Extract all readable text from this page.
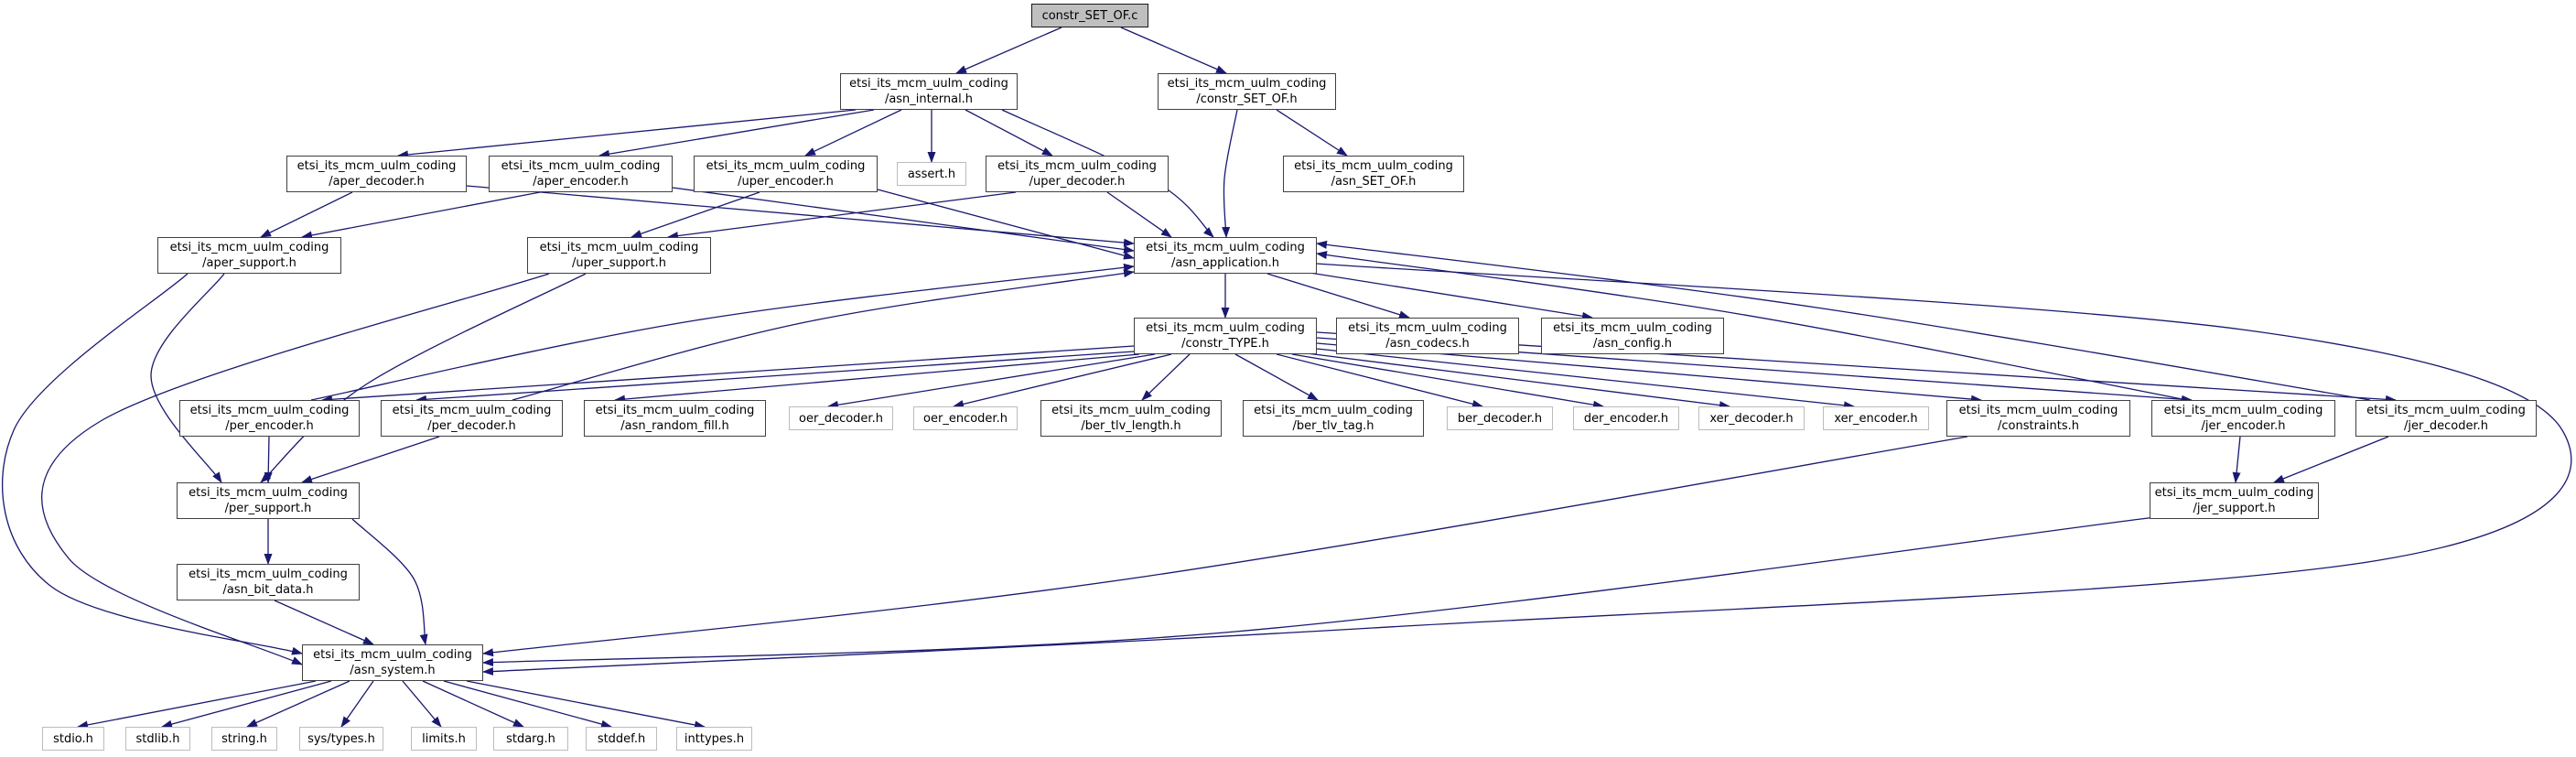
constr_SET_OF.c
etsi_its_mcm_uulm_coding
/asn_internal.h
etsi_its_mcm_uulm_coding
/constr_SET_OF.h
etsi_its_mcm_uulm_coding
/aper_decoder.h
etsi_its_mcm_uulm_coding
/aper_encoder.h
etsi_its_mcm_uulm_coding
/uper_encoder.h
assert.h
etsi_its_mcm_uulm_coding
/uper_decoder.h
etsi_its_mcm_uulm_coding
/asn_SET_OF.h
etsi_its_mcm_uulm_coding
/aper_support.h
etsi_its_mcm_uulm_coding
/uper_support.h
etsi_its_mcm_uulm_coding
/asn_application.h
etsi_its_mcm_uulm_coding
/constr_TYPE.h
etsi_its_mcm_uulm_coding
/asn_codecs.h
etsi_its_mcm_uulm_coding
/asn_config.h
etsi_its_mcm_uulm_coding
/per_encoder.h
etsi_its_mcm_uulm_coding
/per_decoder.h
etsi_its_mcm_uulm_coding
/asn_random_fill.h
oer_decoder.h	oer_encoder.h
etsi_its_mcm_uulm_coding
/ber_tlv_length.h
etsi_its_mcm_uulm_coding
/ber_tlv_tag.h
ber_decoder.h	der_encoder.h	xer_decoder.h	xer_encoder.h
etsi_its_mcm_uulm_coding
/constraints.h
etsi_its_mcm_uulm_coding
/jer_encoder.h
etsi_its_mcm_uulm_coding
/jer_decoder.h
etsi_its_mcm_uulm_coding
/per_support.h
etsi_its_mcm_uulm_coding
/jer_support.h
etsi_its_mcm_uulm_coding
/asn_bit_data.h
etsi_its_mcm_uulm_coding
/asn_system.h
stdio.h	stdlib.h	string.h	sys/types.h	limits.h	stdarg.h	stddef.h	inttypes.h
